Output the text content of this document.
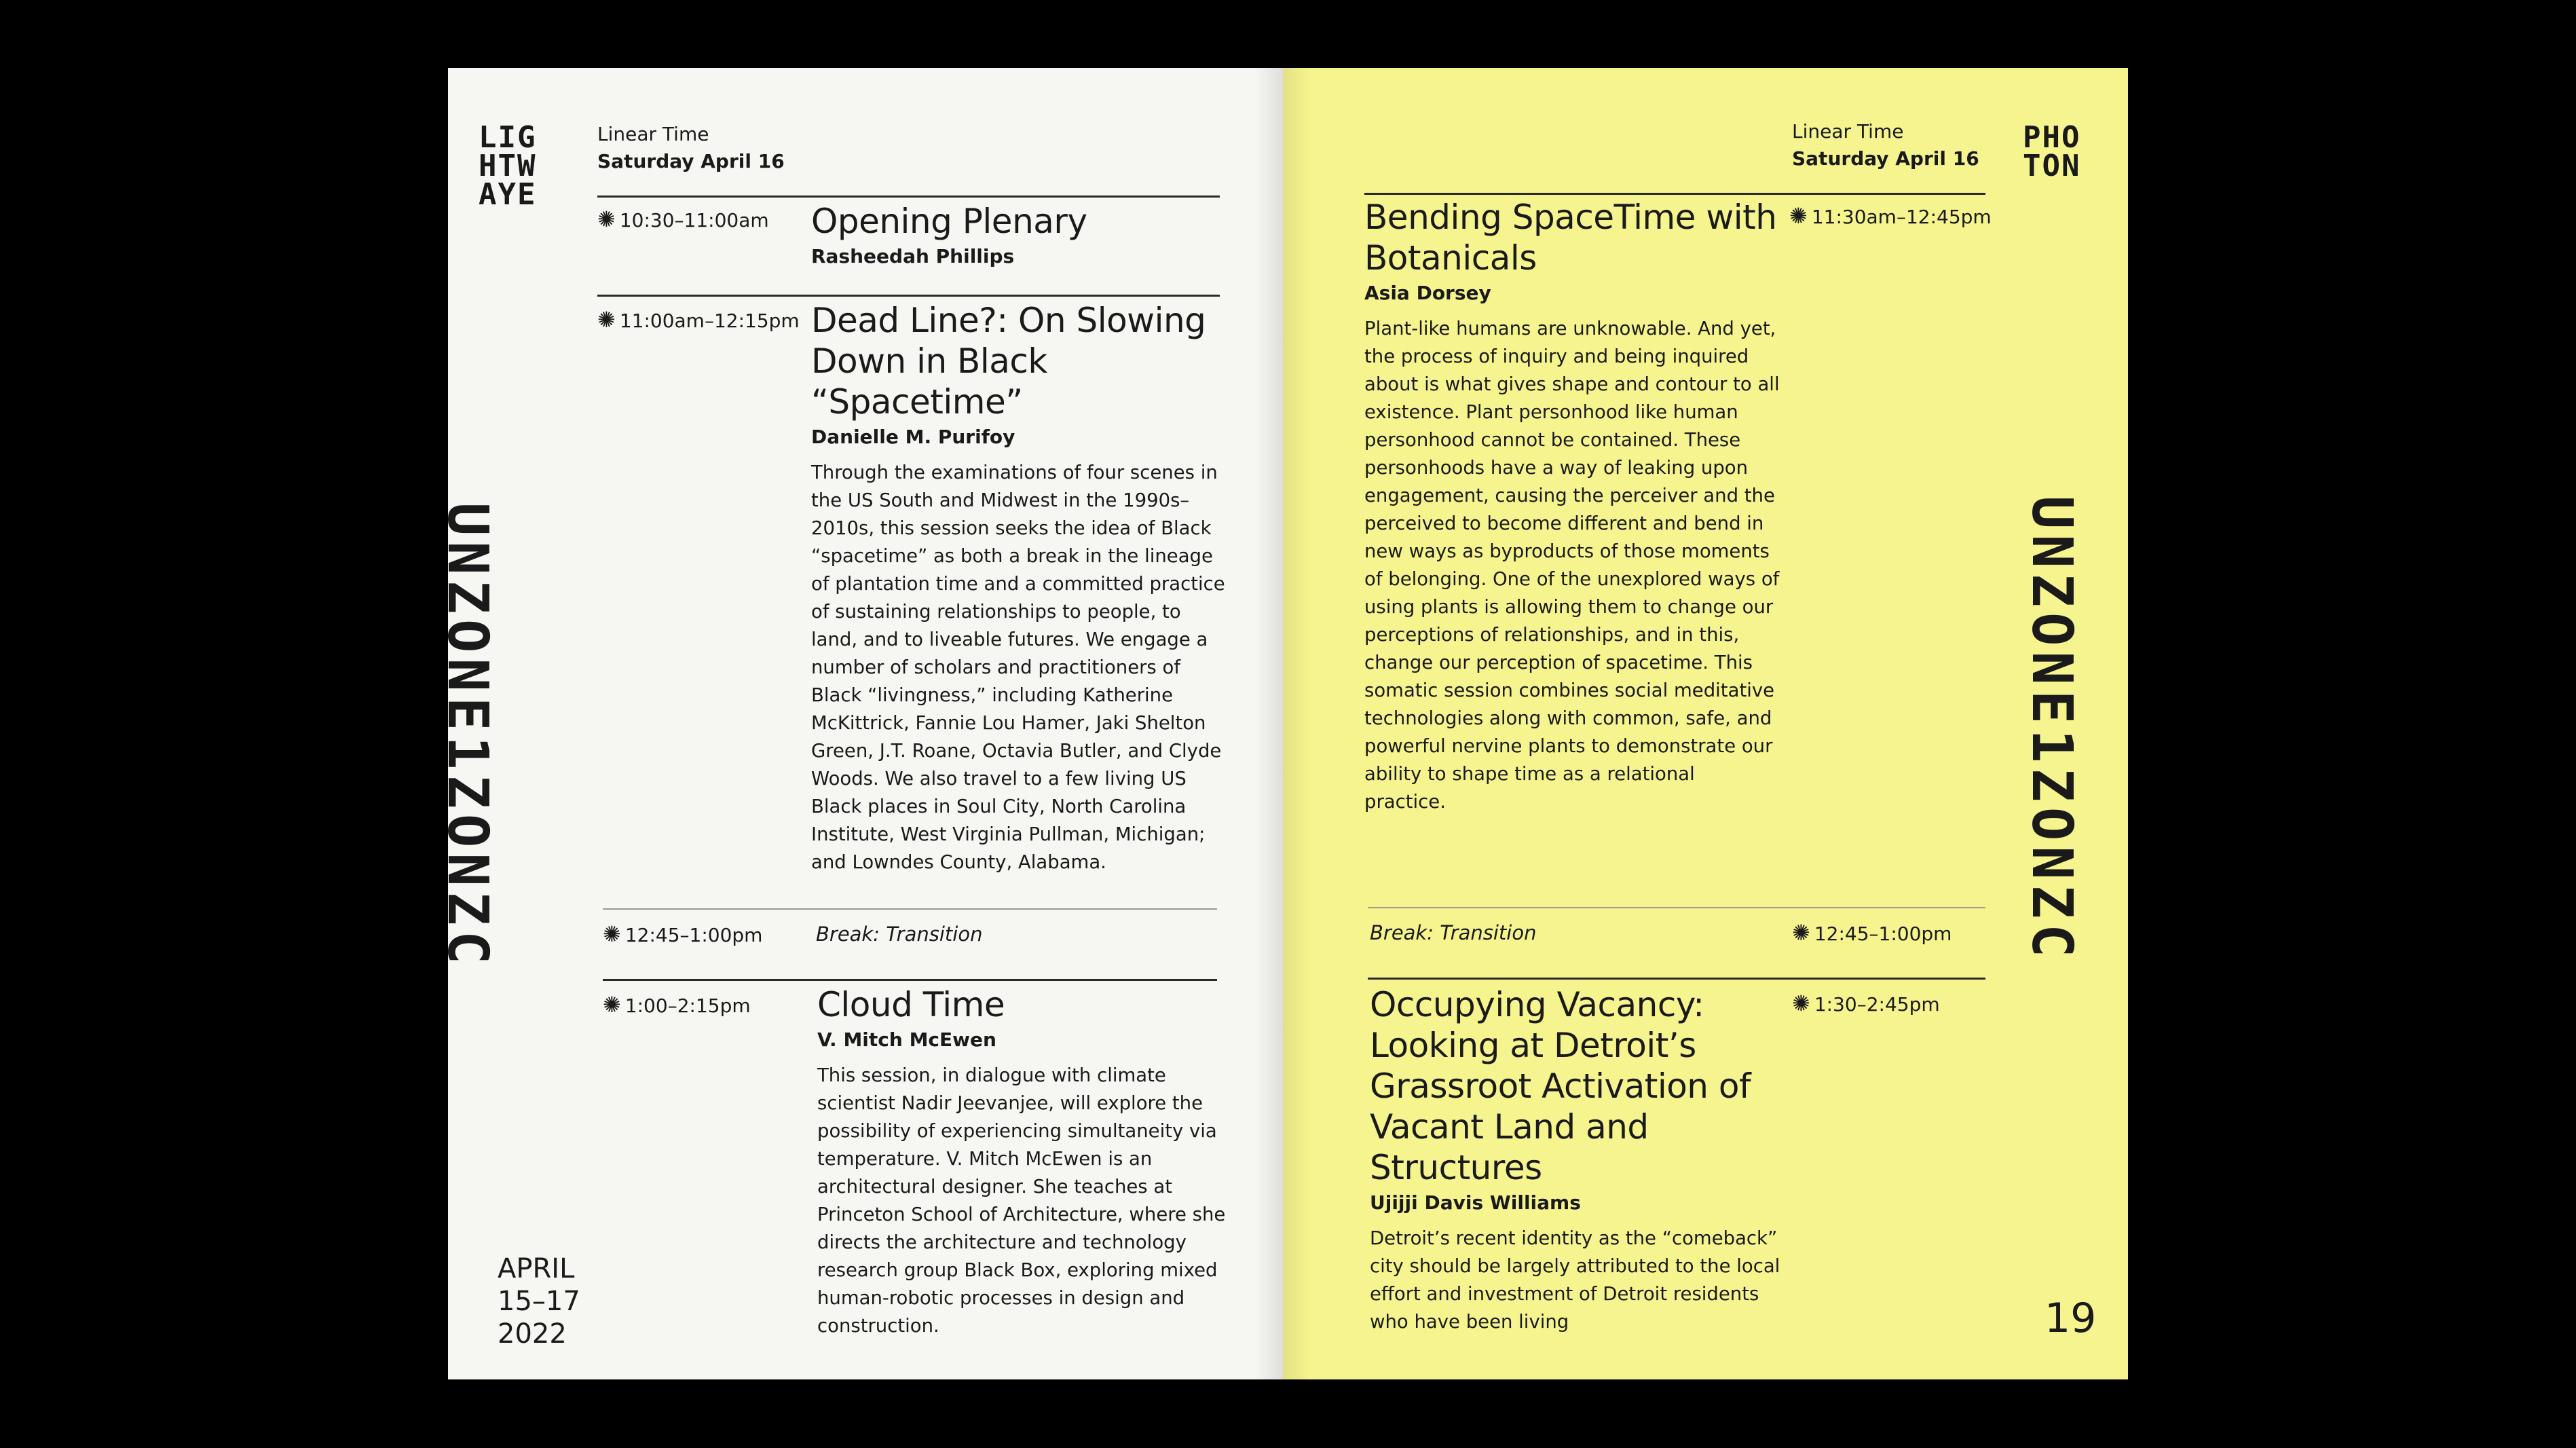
LIG
HTW
AYE
UNZONE1ZONZC
Linear Time
Saturday April 16
✺ 10:30–11:00am Opening Plenary
Rasheedah Phillips
✺ 11:00am–12:15pm Dead Line?: On Slowing Down in Black “Spacetime”
Danielle M. Purifoy
Through the examinations of four scenes in the US South and Midwest in the 1990s–2010s, this session seeks the idea of Black “spacetime” as both a break in the lineage of plantation time and a committed practice of sustaining relationships to people, to land, and to liveable futures. We engage a number of scholars and practitioners of Black “livingness,” including Katherine McKittrick, Fannie Lou Hamer, Jaki Shelton Green, J.T. Roane, Octavia Butler, and Clyde Woods. We also travel to a few living US Black places in Soul City, North Carolina Institute, West Virginia Pullman, Michigan; and Lowndes County, Alabama.
✺ 12:45–1:00pm	Break: Transition
✺ 1:00–2:15pm Cloud Time
V. Mitch McEwen
This session, in dialogue with climate scientist Nadir Jeevanjee, will explore the possibility of experiencing simultaneity via temperature. V. Mitch McEwen is an architectural designer. She teaches at Princeton School of Architecture, where she directs the architecture and technology research group Black Box, exploring mixed human-robotic processes in design and construction.
APRIL
15–17
2022
PHO
TON
UNZONE1ZONZC
Linear Time
Saturday April 16
Bending SpaceTime with Botanicals
Asia Dorsey
Plant-like humans are unknowable. And yet, the process of inquiry and being inquired about is what gives shape and contour to all existence. Plant personhood like human personhood cannot be contained. These personhoods have a way of leaking upon engagement, causing the perceiver and the perceived to become different and bend in new ways as byproducts of those moments of belonging. One of the unexplored ways of using plants is allowing them to change our perceptions of relationships, and in this, change our perception of spacetime. This somatic session combines social meditative technologies along with common, safe, and powerful nervine plants to demonstrate our ability to shape time as a relational practice.
✺ 11:30am–12:45pm
Break: Transition	✺ 12:45–1:00pm
Occupying Vacancy: Looking at Detroit’s Grassroot Activation of Vacant Land and Structures
Ujijji Davis Williams
Detroit’s recent identity as the “comeback” city should be largely attributed to the local effort and investment of Detroit residents who have been living
✺ 1:30–2:45pm
19
